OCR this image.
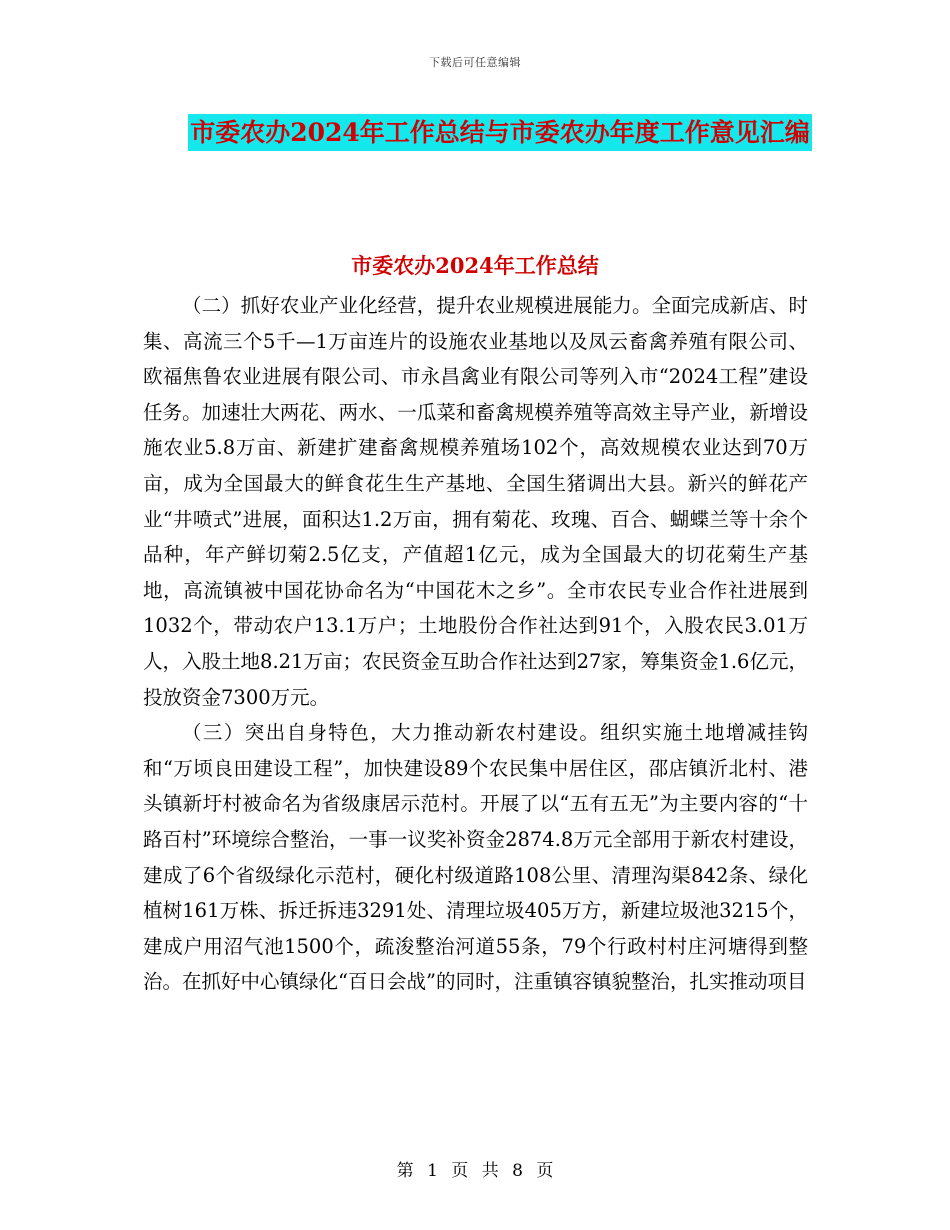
下载后可任意编辑
市委农办2024年工作总结与市委农办年度工作意见汇编
市委农办2024年工作总结

（二）抓好农业产业化经营，提升农业规模进展能力。全面完成新店、时集、高流三个5千—1万亩连片的设施农业基地以及凤云畜禽养殖有限公司、欧福焦鲁农业进展有限公司、市永昌禽业有限公司等列入市“2024工程”建设任务。加速壮大两花、两水、一瓜菜和畜禽规模养殖等高效主导产业，新增设施农业5.8万亩、新建扩建畜禽规模养殖场102个，高效规模农业达到70万亩，成为全国最大的鲜食花生生产基地、全国生猪调出大县。新兴的鲜花产业“井喷式”进展，面积达1.2万亩，拥有菊花、玫瑰、百合、蝴蝶兰等十余个品种，年产鲜切菊2.5亿支，产值超1亿元，成为全国最大的切花菊生产基地，高流镇被中国花协命名为“中国花木之乡”。全市农民专业合作社进展到1032个，带动农户13.1万户；土地股份合作社达到91个，入股农民3.01万人，入股土地8.21万亩；农民资金互助合作社达到27家，筹集资金1.6亿元，投放资金7300万元。

（三）突出自身特色，大力推动新农村建设。组织实施土地增减挂钩和“万顷良田建设工程”，加快建设89个农民集中居住区，邵店镇沂北村、港头镇新圩村被命名为省级康居示范村。开展了以“五有五无”为主要内容的“十路百村”环境综合整治，一事一议奖补资金2874.8万元全部用于新农村建设，建成了6个省级绿化示范村，硬化村级道路108公里、清理沟渠842条、绿化植树161万株、拆迁拆违3291处、清理垃圾405万方，新建垃圾池3215个，建成户用沼气池1500个，疏浚整治河道55条，79个行政村村庄河塘得到整治。在抓好中心镇绿化“百日会战”的同时，注重镇容镇貌整治，扎实推动项目

第 1 页 共 8 页
